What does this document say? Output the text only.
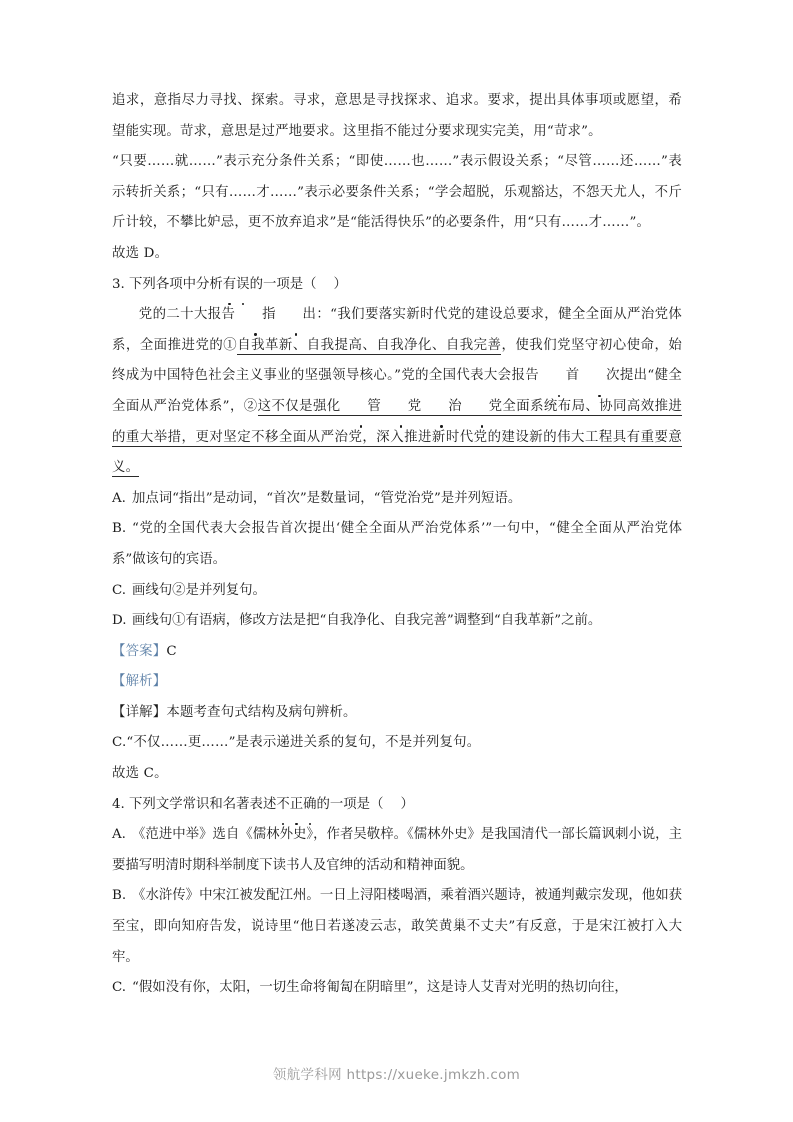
追求，意指尽力寻找、探索。寻求，意思是寻找探求、追求。要求，提出具体事项或愿望，希望能实现。苛求，意思是过严地要求。这里指不能过分要求现实完美，用“苛求”。

“只要……就……”表示充分条件关系；“即使……也……”表示假设关系；“尽管……还……”表示转折关系；“只有……才……”表示必要条件关系；“学会超脱，乐观豁达，不怨天尤人，不斤斤计较，不攀比妒忌，更不放弃追求”是“能活得快乐”的必要条件，用“只有……才……”。

故选 D。

3. 下列各项中分析有误的一项是（ ）

党的二十大报告 指 出：“我们要落实新时代党的建设总要求，健全全面从严治党体系，全面推进党的①自我革新、自我提高、自我净化、自我完善，使我们党坚守初心使命，始终成为中国特色社会主义事业的坚强领导核心。”党的全国代表大会报告 首 次提出“健全全面从严治党体系”，②这不仅是强化 管 党 治 党全面系统布局、协同高效推进的重大举措，更对坚定不移全面从严治党，深入推进新时代党的建设新的伟大工程具有重要意义。

A. 加点词“指出”是动词，“首次”是数量词，“管党治党”是并列短语。

B. “党的全国代表大会报告首次提出‘健全全面从严治党体系’”一句中，“健全全面从严治党体系”做该句的宾语。

C. 画线句②是并列复句。

D. 画线句①有语病，修改方法是把“自我净化、自我完善”调整到“自我革新”之前。

【答案】C

【解析】

【详解】本题考查句式结构及病句辨析。

C.“不仅……更……”是表示递进关系的复句，不是并列复句。

故选 C。

4. 下列文学常识和名著表述不正确的一项是（ ）

A. 《范进中举》选自《儒林外史》，作者吴敬梓。《儒林外史》是我国清代一部长篇讽刺小说，主要描写明清时期科举制度下读书人及官绅的活动和精神面貌。

B. 《水浒传》中宋江被发配江州。一日上浔阳楼喝酒，乘着酒兴题诗，被通判戴宗发现，他如获至宝，即向知府告发，说诗里“他日若遂凌云志，敢笑黄巢不丈夫”有反意，于是宋江被打入大牢。

C. “假如没有你，太阳，一切生命将匍匐在阴暗里”，这是诗人艾青对光明的热切向往，

领航学科网 https://xueke.jmkzh.com
